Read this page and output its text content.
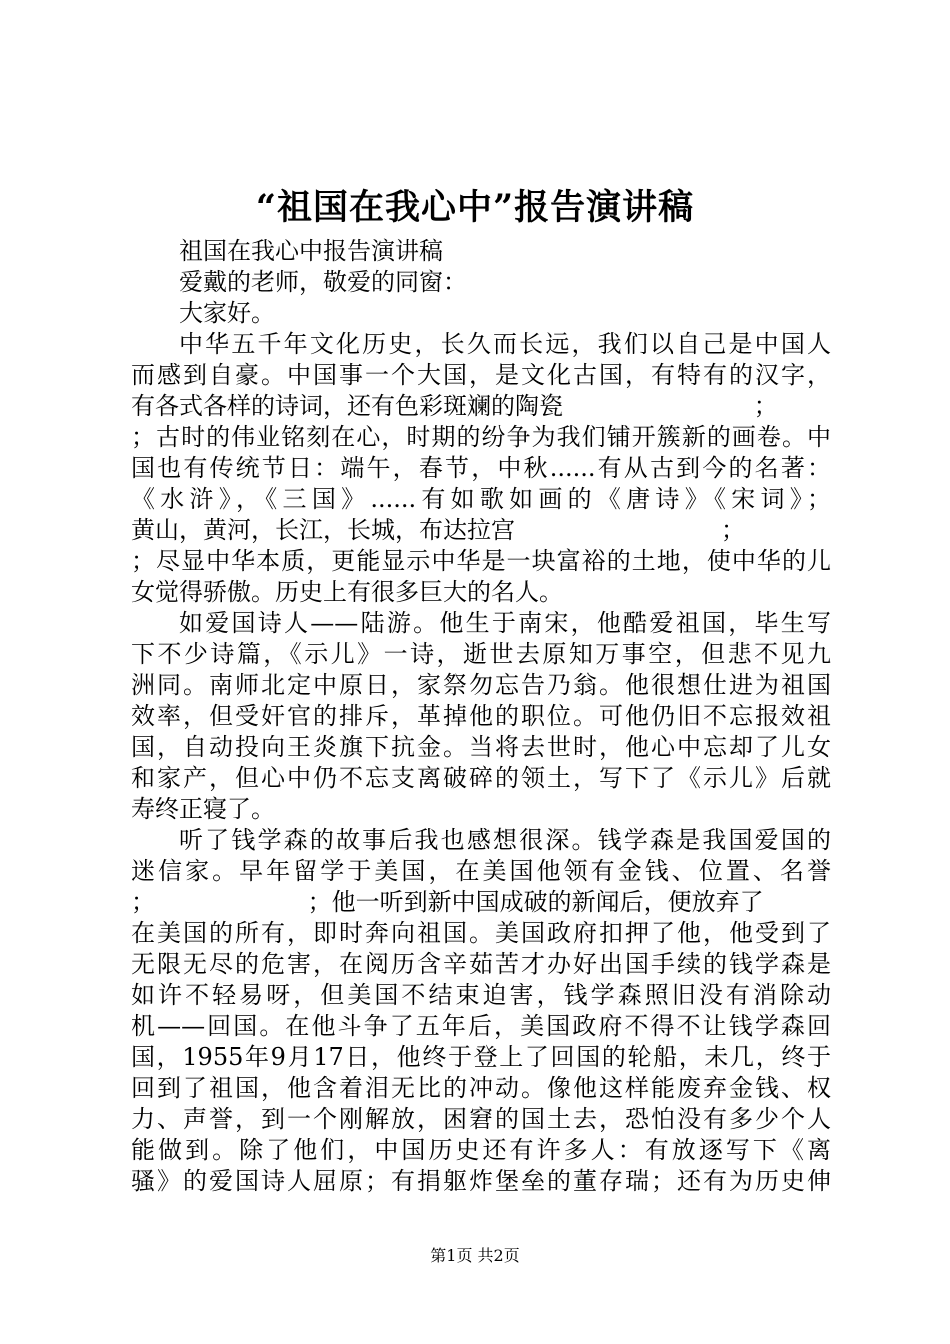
“祖国在我心中”报告演讲稿
祖国在我心中报告演讲稿
爱戴的老师，敬爱的同窗：
大家好。
中华五千年文化历史，长久而长远，我们以自己是中国人
而感到自豪。中国事一个大国，是文化古国，有特有的汉字，
有各式各样的诗词，还有色彩斑斓的陶瓷                         ；
；古时的伟业铭刻在心，时期的纷争为我们铺开簇新的画卷。中
国也有传统节日：端午，春节，中秋......有从古到今的名著：
《水浒》，《三国》......有如歌如画的《唐诗》《宋词》；
黄山，黄河，长江，长城，布达拉宫                           ；
；尽显中华本质，更能显示中华是一块富裕的土地，使中华的儿
女觉得骄傲。历史上有很多巨大的名人。
如爱国诗人——陆游。他生于南宋，他酷爱祖国，毕生写
下不少诗篇，《示儿》一诗，逝世去原知万事空，但悲不见九
洲同。南师北定中原日，家祭勿忘告乃翁。他很想仕进为祖国
效率，但受奸官的排斥，革掉他的职位。可他仍旧不忘报效祖
国，自动投向王炎旗下抗金。当将去世时，他心中忘却了儿女
和家产，但心中仍不忘支离破碎的领土，写下了《示儿》后就
寿终正寝了。
听了钱学森的故事后我也感想很深。钱学森是我国爱国的
迷信家。早年留学于美国，在美国他领有金钱、位置、名誉
；                    ；他一听到新中国成破的新闻后，便放弃了
在美国的所有，即时奔向祖国。美国政府扣押了他，他受到了
无限无尽的危害，在阅历含辛茹苦才办好出国手续的钱学森是
如许不轻易呀，但美国不结束迫害，钱学森照旧没有消除动
机——回国。在他斗争了五年后，美国政府不得不让钱学森回
国，1955年9月17日，他终于登上了回国的轮船，未几，终于
回到了祖国，他含着泪无比的冲动。像他这样能废弃金钱、权
力、声誉，到一个刚解放，困窘的国土去，恐怕没有多少个人
能做到。除了他们，中国历史还有许多人：有放逐写下《离
骚》的爱国诗人屈原；有捐躯炸堡垒的董存瑞；还有为历史伸
第1页 共2页
